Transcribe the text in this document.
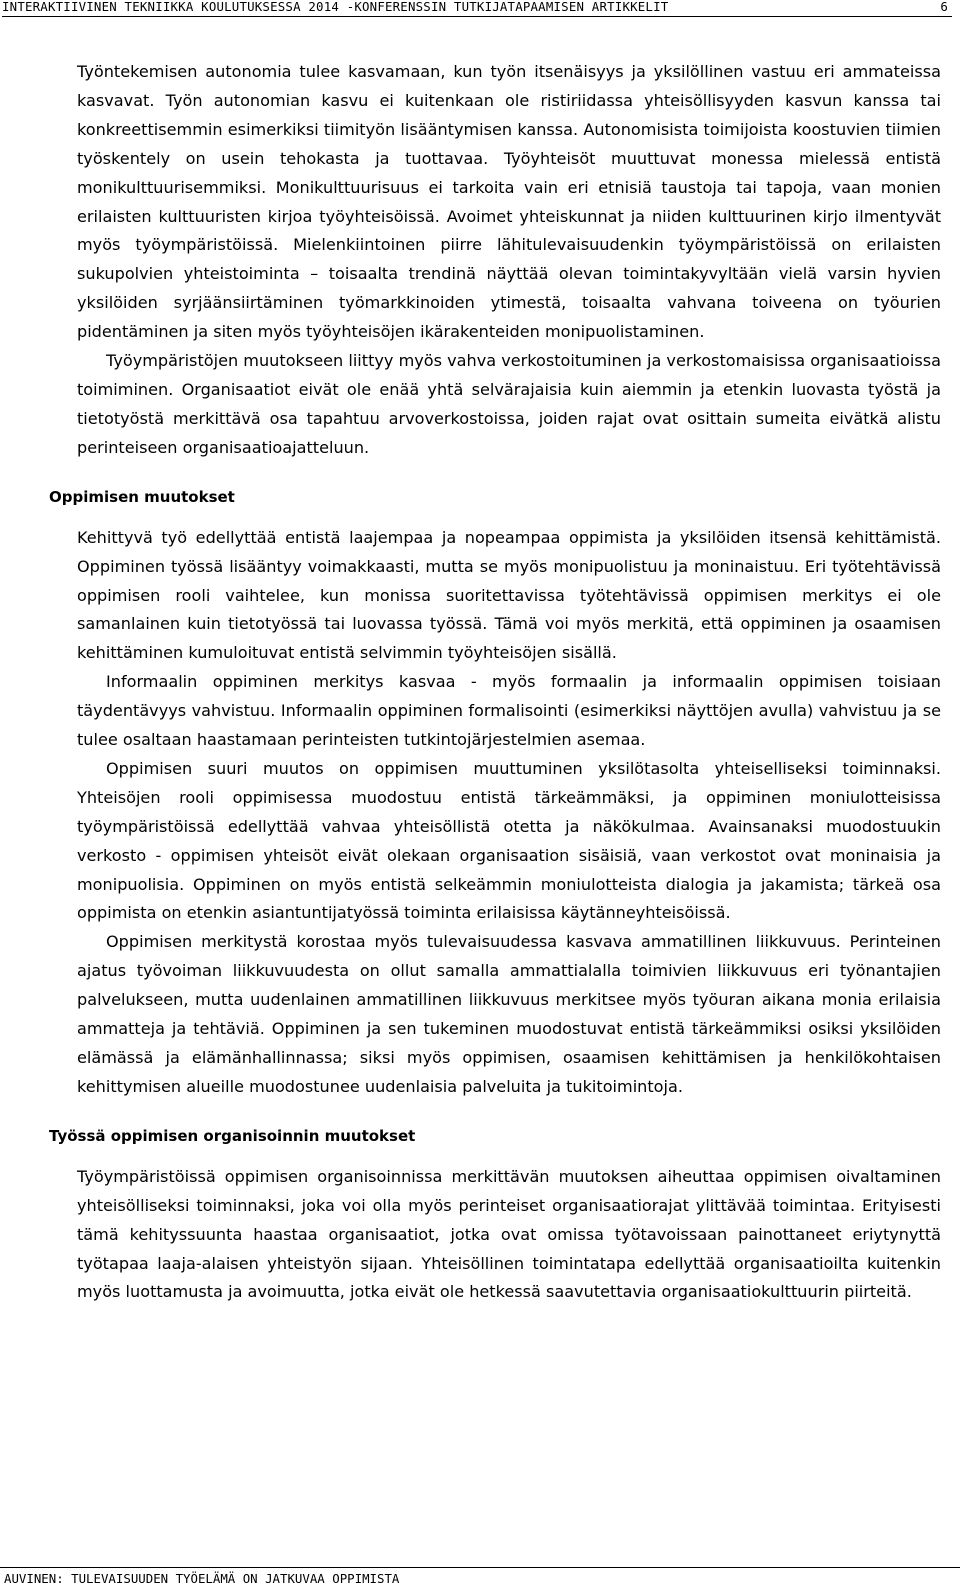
INTERAKTIIVINEN TEKNIIKKA KOULUTUKSESSA 2014 -KONFERENSSIN TUTKIJATAPAAMISEN ARTIKKELIT	6

Työntekemisen autonomia tulee kasvamaan, kun työn itsenäisyys ja yksilöllinen vastuu eri ammateissa kasvavat. Työn autonomian kasvu ei kuitenkaan ole ristiriidassa yhteisöllisyyden kasvun kanssa tai konkreettisemmin esimerkiksi tiimityön lisääntymisen kanssa. Autonomisista toimijoista koostuvien tiimien työskentely on usein tehokasta ja tuottavaa. Työyhteisöt muuttuvat monessa mielessä entistä monikulttuurisemmiksi. Monikulttuurisuus ei tarkoita vain eri etnisiä taustoja tai tapoja, vaan monien erilaisten kulttuuristen kirjoa työyhteisöissä. Avoimet yhteiskunnat ja niiden kulttuurinen kirjo ilmentyvät myös työympäristöissä. Mielenkiintoinen piirre lähitulevaisuudenkin työympäristöissä on erilaisten sukupolvien yhteistoiminta – toisaalta trendinä näyttää olevan toimintakyvyltään vielä varsin hyvien yksilöiden syrjäänsiirtäminen työmarkkinoiden ytimestä, toisaalta vahvana toiveena on työurien pidentäminen ja siten myös työyhteisöjen ikärakenteiden monipuolistaminen.

Työympäristöjen muutokseen liittyy myös vahva verkostoituminen ja verkostomaisissa organisaatioissa toimiminen. Organisaatiot eivät ole enää yhtä selvärajaisia kuin aiemmin ja etenkin luovasta työstä ja tietotyöstä merkittävä osa tapahtuu arvoverkostoissa, joiden rajat ovat osittain sumeita eivätkä alistu perinteiseen organisaatioajatteluun.

Oppimisen muutokset

Kehittyvä työ edellyttää entistä laajempaa ja nopeampaa oppimista ja yksilöiden itsensä kehittämistä. Oppiminen työssä lisääntyy voimakkaasti, mutta se myös monipuolistuu ja moninaistuu. Eri työtehtävissä oppimisen rooli vaihtelee, kun monissa suoritettavissa työtehtävissä oppimisen merkitys ei ole samanlainen kuin tietotyössä tai luovassa työssä. Tämä voi myös merkitä, että oppiminen ja osaamisen kehittäminen kumuloituvat entistä selvimmin työyhteisöjen sisällä.

Informaalin oppiminen merkitys kasvaa - myös formaalin ja informaalin oppimisen toisiaan täydentävyys vahvistuu. Informaalin oppiminen formalisointi (esimerkiksi näyttöjen avulla) vahvistuu ja se tulee osaltaan haastamaan perinteisten tutkintojärjestelmien asemaa.

Oppimisen suuri muutos on oppimisen muuttuminen yksilötasolta yhteiselliseksi toiminnaksi. Yhteisöjen rooli oppimisessa muodostuu entistä tärkeämmäksi, ja oppiminen moniulotteisissa työympäristöissä edellyttää vahvaa yhteisöllistä otetta ja näkökulmaa. Avainsanaksi muodostuukin verkosto - oppimisen yhteisöt eivät olekaan organisaation sisäisiä, vaan verkostot ovat moninaisia ja monipuolisia. Oppiminen on myös entistä selkeämmin moniulotteista dialogia ja jakamista; tärkeä osa oppimista on etenkin asiantuntijatyössä toiminta erilaisissa käytänneyhteisöissä.

Oppimisen merkitystä korostaa myös tulevaisuudessa kasvava ammatillinen liikkuvuus. Perinteinen ajatus työvoiman liikkuvuudesta on ollut samalla ammattialalla toimivien liikkuvuus eri työnantajien palvelukseen, mutta uudenlainen ammatillinen liikkuvuus merkitsee myös työuran aikana monia erilaisia ammatteja ja tehtäviä. Oppiminen ja sen tukeminen muodostuvat entistä tärkeämmiksi osiksi yksilöiden elämässä ja elämänhallinnassa; siksi myös oppimisen, osaamisen kehittämisen ja henkilökohtaisen kehittymisen alueille muodostunee uudenlaisia palveluita ja tukitoimintoja.

Työssä oppimisen organisoinnin muutokset

Työympäristöissä oppimisen organisoinnissa merkittävän muutoksen aiheuttaa oppimisen oivaltaminen yhteisölliseksi toiminnaksi, joka voi olla myös perinteiset organisaatiorajat ylittävää toimintaa. Erityisesti tämä kehityssuunta haastaa organisaatiot, jotka ovat omissa työtavoissaan painottaneet eriytynyttä työtapaa laaja-alaisen yhteistyön sijaan. Yhteisöllinen toimintatapa edellyttää organisaatioilta kuitenkin myös luottamusta ja avoimuutta, jotka eivät ole hetkessä saavutettavia organisaatiokulttuurin piirteitä.

AUVINEN: TULEVAISUUDEN TYÖELÄMÄ ON JATKUVAA OPPIMISTA
